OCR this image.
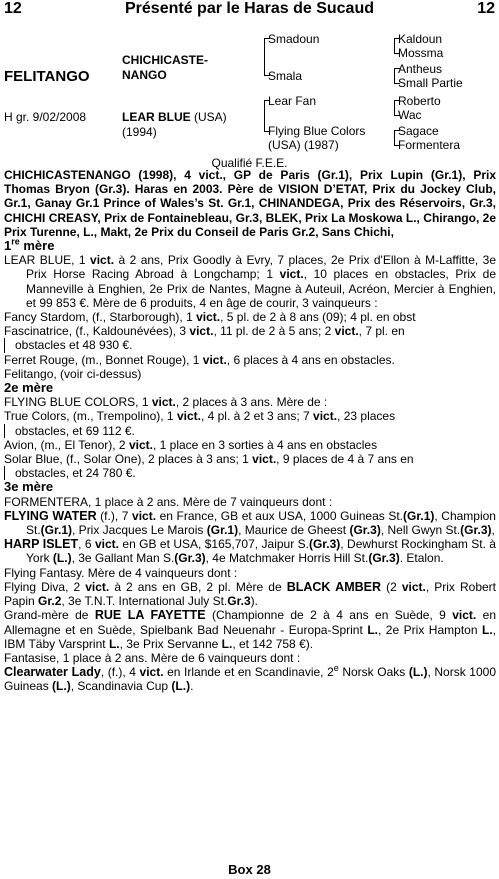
12	Présenté par le Haras de Sucaud	12
FELITANGO
H gr. 9/02/2008
CHICHICASTE-
NANGO
LEAR BLUE (USA)
(1994)
Smadoun
Smala
Lear Fan
Flying Blue Colors
(USA) (1987)
Kaldoun
Mossma
Antheus
Small Partie
Roberto
Wac
Sagace
Formentera
Qualifié F.E.E.

CHICHICASTENANGO (1998), 4 vict., GP de Paris (Gr.1), Prix Lupin (Gr.1), Prix Thomas Bryon (Gr.3). Haras en 2003. Père de VISION D’ETAT, Prix du Jockey Club, Gr.1, Ganay Gr.1 Prince of Wales’s St. Gr.1, CHINANDEGA, Prix des Réservoirs, Gr.3, CHICHI CREASY, Prix de Fontainebleau, Gr.3, BLEK, Prix La Moskowa L., Chirango, 2e Prix Turenne, L., Makt, 2e Prix du Conseil de Paris Gr.2, Sans Chichi,

1re mère

LEAR BLUE, 1 vict. à 2 ans, Prix Goodly à Evry, 7 places, 2e Prix d'Ellon à M-Laffitte, 3e Prix Horse Racing Abroad à Longchamp; 1 vict., 10 places en obstacles, Prix de Manneville à Enghien, 2e Prix de Nantes, Magne à Auteuil, Acréon, Mercier à Enghien, et 99 853 €. Mère de 6 produits, 4 en âge de courir, 3 vainqueurs :

Fancy Stardom, (f., Starborough), 1 vict., 5 pl. de 2 à 8 ans (09); 4 pl. en obst

Fascinatrice, (f., Kaldounévées), 3 vict., 11 pl. de 2 à 5 ans; 2 vict., 7 pl. en

obstacles et 48 930 €.

Ferret Rouge, (m., Bonnet Rouge), 1 vict., 6 places à 4 ans en obstacles.

Felitango, (voir ci-dessus)

2e mère

FLYING BLUE COLORS, 1 vict., 2 places à 3 ans. Mère de :

True Colors, (m., Trempolino), 1 vict., 4 pl. à 2 et 3 ans; 7 vict., 23 places

obstacles, et 69 112 €.

Avion, (m., El Tenor), 2 vict., 1 place en 3 sorties à 4 ans en obstacles

Solar Blue, (f., Solar One), 2 places à 3 ans; 1 vict., 9 places de 4 à 7 ans en

obstacles, et 24 780 €.

3e mère

FORMENTERA, 1 place à 2 ans. Mère de 7 vainqueurs dont :

FLYING WATER (f.), 7 vict. en France, GB et aux USA, 1000 Guineas St.(Gr.1), Champion St.(Gr.1), Prix Jacques Le Marois (Gr.1), Maurice de Gheest (Gr.3), Nell Gwyn St.(Gr.3),

HARP ISLET, 6 vict. en GB et USA, $165,707, Jaipur S.(Gr.3), Dewhurst Rockingham St. à York (L.), 3e Gallant Man S.(Gr.3), 4e Matchmaker Horris Hill St.(Gr.3). Etalon.

Flying Fantasy. Mère de 4 vainqueurs dont :

Flying Diva, 2 vict. à 2 ans en GB, 2 pl. Mère de BLACK AMBER (2 vict., Prix Robert Papin Gr.2, 3e T.N.T. International July St.Gr.3).

Grand-mère de RUE LA FAYETTE (Championne de 2 à 4 ans en Suède, 9 vict. en Allemagne et en Suède, Spielbank Bad Neuenahr - Europa-Sprint L., 2e Prix Hampton L., IBM Täby Varsprint L., 3e Prix Servanne L., et 142 758 €).

Fantasise, 1 place à 2 ans. Mère de 6 vainqueurs dont :

Clearwater Lady, (f.), 4 vict. en Irlande et en Scandinavie, 2e Norsk Oaks (L.), Norsk 1000 Guineas (L.), Scandinavia Cup (L.).

Box 28
